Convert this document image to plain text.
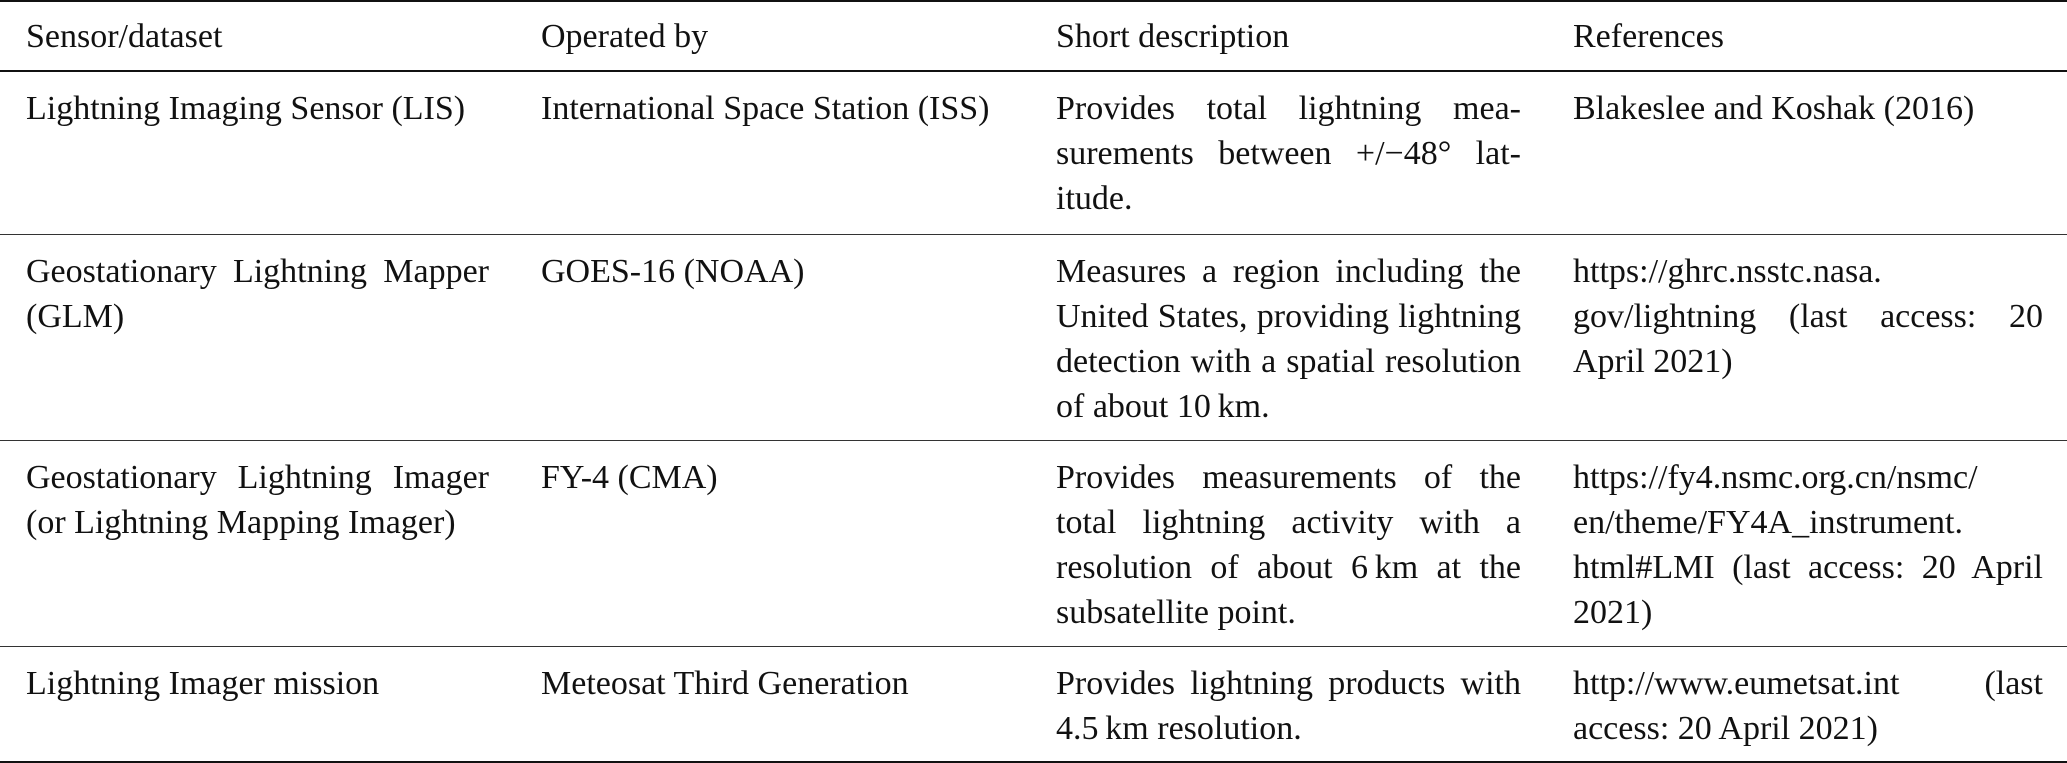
Sensor/dataset	Operated by	Short description	References

Lightning Imaging Sensor (LIS)	International Space Station (ISS)	Provides total lightning measurements between +/−48° latitude.	Blakeslee and Koshak (2016)

Geostationary Lightning Mapper (GLM)	GOES-16 (NOAA)	Measures a region including the United States, providing lightning detection with a spatial resolution of about 10 km.	https://ghrc.nsstc.nasa.​gov/lightning (last access: 20 April 2021)

Geostationary Lightning Imager (or Lightning Mapping Imager)	FY-4 (CMA)	Provides measurements of the total lightning activity with a resolution of about 6 km at the subsatellite point.	https://fy4.nsmc.org.cn/nsmc/​en/theme/FY4A_instrument.​html#LMI (last access: 20 April 2021)

Lightning Imager mission	Meteosat Third Generation	Provides lightning products with 4.5 km resolution.	http://www.eumetsat.int (last access: 20 April 2021)
